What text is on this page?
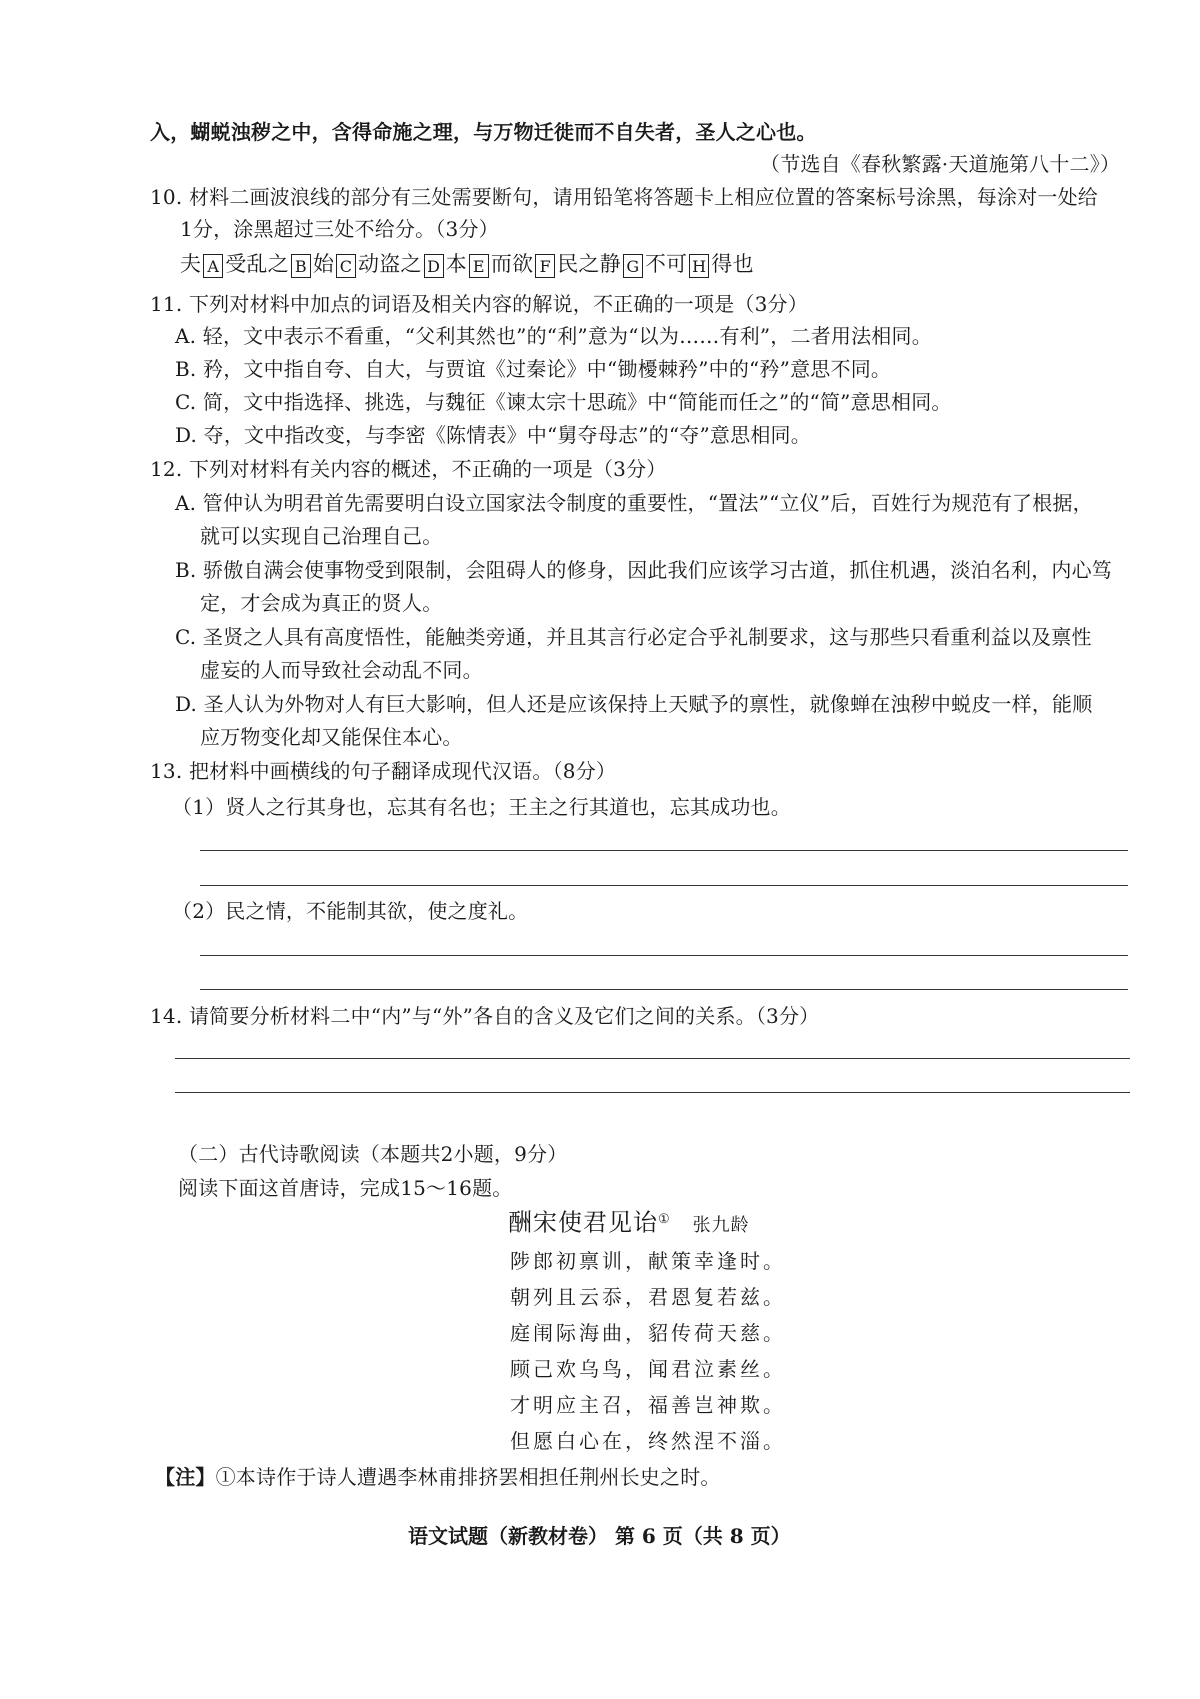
入，蝴蜕浊秽之中，含得命施之理，与万物迁徙而不自失者，圣人之心也。
（节选自《春秋繁露·天道施第八十二》）
10. 材料二画波浪线的部分有三处需要断句，请用铅笔将答题卡上相应位置的答案标号涂黑，每涂对一处给
1分，涂黑超过三处不给分。（3分）
夫 A 受乱之 B 始 C 动盗之 D 本 E 而欲 F 民之静 G 不可 H 得也
11. 下列对材料中加点的词语及相关内容的解说，不正确的一项是（3分）
A. 轻，文中表示不看重，“父利其然也”的“利”意为“以为……有利”，二者用法相同。
B. 矜，文中指自夸、自大，与贾谊《过秦论》中“锄櫌棘矜”中的“矜”意思不同。
C. 简，文中指选择、挑选，与魏征《谏太宗十思疏》中“简能而任之”的“简”意思相同。
D. 夺，文中指改变，与李密《陈情表》中“舅夺母志”的“夺”意思相同。
12. 下列对材料有关内容的概述，不正确的一项是（3分）
A. 管仲认为明君首先需要明白设立国家法令制度的重要性，“置法”“立仪”后，百姓行为规范有了根据，
就可以实现自己治理自己。
B. 骄傲自满会使事物受到限制，会阻碍人的修身，因此我们应该学习古道，抓住机遇，淡泊名利，内心笃
定，才会成为真正的贤人。
C. 圣贤之人具有高度悟性，能触类旁通，并且其言行必定合乎礼制要求，这与那些只看重利益以及禀性
虚妄的人而导致社会动乱不同。
D. 圣人认为外物对人有巨大影响，但人还是应该保持上天赋予的禀性，就像蝉在浊秽中蜕皮一样，能顺
应万物变化却又能保住本心。
13. 把材料中画横线的句子翻译成现代汉语。（8分）
（1）贤人之行其身也，忘其有名也；王主之行其道也，忘其成功也。
（2）民之情，不能制其欲，使之度礼。
14. 请简要分析材料二中“内”与“外”各自的含义及它们之间的关系。（3分）
（二）古代诗歌阅读（本题共2小题，9分）
阅读下面这首唐诗，完成15～16题。
酬宋使君见诒① 张九龄
陟郎初禀训，献策幸逢时。
朝列且云忝，君恩复若兹。
庭闱际海曲，貂传荷天慈。
顾己欢乌鸟，闻君泣素丝。
才明应主召，福善岂神欺。
但愿白心在，终然涅不淄。
【注】①本诗作于诗人遭遇李林甫排挤罢相担任荆州长史之时。
语文试题（新教材卷） 第 6 页（共 8 页）
